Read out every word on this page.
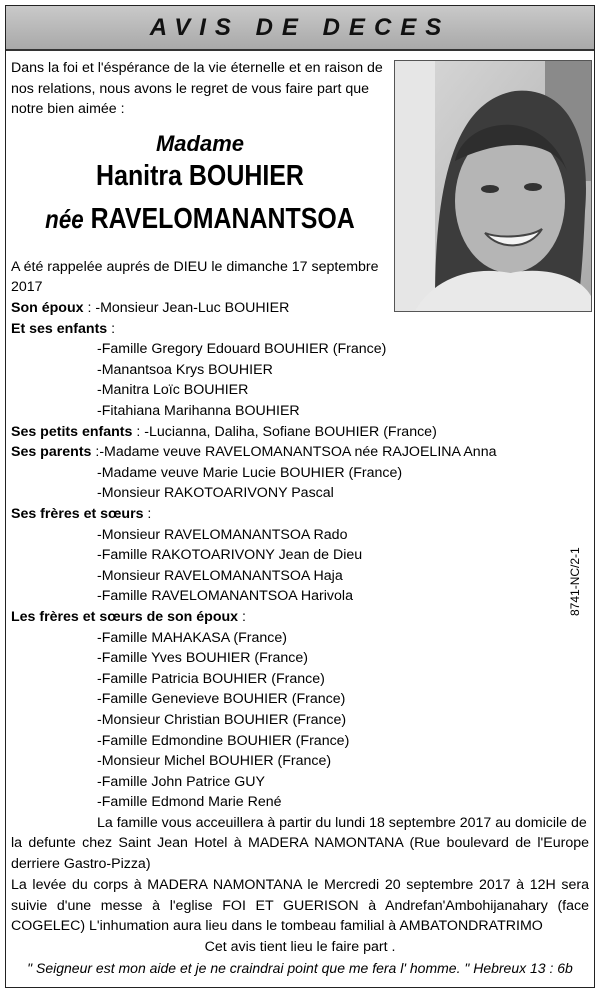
AVIS DE DECES
Dans la foi et l'éspérance de la vie éternelle et en raison de nos relations, nous avons le regret de vous faire part que notre bien aimée :
Madame
Hanitra BOUHIER
née RAVELOMANANTSOA
A été rappelée auprés de DIEU le dimanche 17 septembre
2017
Son époux : -Monsieur Jean-Luc BOUHIER
Et ses enfants :
-Famille Gregory Edouard BOUHIER (France)
-Manantsoa Krys BOUHIER
-Manitra Loïc BOUHIER
-Fitahiana Marihanna BOUHIER
Ses petits enfants : -Lucianna, Daliha, Sofiane BOUHIER (France)
Ses parents :-Madame veuve RAVELOMANANTSOA née RAJOELINA Anna
-Madame veuve Marie Lucie BOUHIER (France)
-Monsieur RAKOTOARIVONY Pascal
Ses frères et sœurs :
-Monsieur RAVELOMANANTSOA Rado
-Famille RAKOTOARIVONY Jean de Dieu
-Monsieur RAVELOMANANTSOA Haja
-Famille RAVELOMANANTSOA Harivola
Les frères et sœurs de son époux :
-Famille MAHAKASA (France)
-Famille Yves BOUHIER (France)
-Famille Patricia BOUHIER (France)
-Famille Genevieve BOUHIER (France)
-Monsieur Christian BOUHIER (France)
-Famille Edmondine BOUHIER (France)
-Monsieur Michel BOUHIER (France)
-Famille John Patrice GUY
-Famille Edmond Marie René
La famille vous acceuillera à partir du lundi 18 septembre 2017 au domicile de
la defunte chez Saint Jean Hotel à MADERA NAMONTANA (Rue boulevard de l'Europe derriere Gastro-Pizza)
La levée du corps à MADERA NAMONTANA le Mercredi 20 septembre 2017 à 12H sera suivie d'une messe à l'eglise FOI ET GUERISON à Andrefan'Ambohijanahary (face COGELEC) L'inhumation aura lieu dans le tombeau familial à AMBATONDRATRIMO
Cet avis tient lieu le faire part .
" Seigneur est mon aide et je ne craindrai point que me fera l' homme. " Hebreux 13 : 6b
8741-NC/2-1
